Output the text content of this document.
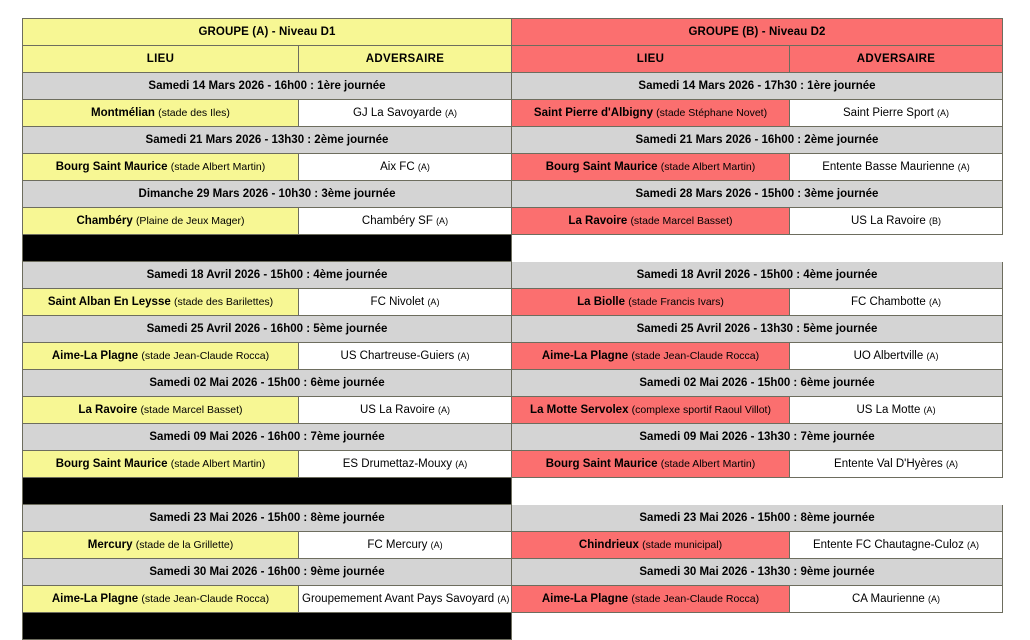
GROUPE (A) - Niveau D1		GROUPE (B) - Niveau D2	
LIEU	ADVERSAIRE	LIEU	ADVERSAIRE
Samedi 14 Mars 2026 - 16h00 : 1ère journée		Samedi 14 Mars 2026 - 17h30 : 1ère journée	
Montmélian (stade des Iles)	GJ La Savoyarde (A)	Saint Pierre d'Albigny (stade Stéphane Novet)	Saint Pierre Sport (A)
Samedi 21 Mars 2026 - 13h30 : 2ème journée		Samedi 21 Mars 2026 - 16h00 : 2ème journée	
Bourg Saint Maurice (stade Albert Martin)	Aix FC (A)	Bourg Saint Maurice (stade Albert Martin)	Entente Basse Maurienne (A)
Dimanche 29 Mars 2026 - 10h30 : 3ème journée		Samedi 28 Mars 2026 - 15h00 : 3ème journée	
Chambéry (Plaine de Jeux Mager)	Chambéry SF (A)	La Ravoire (stade Marcel Basset)	US La Ravoire (B)
Samedi 04 Avril 2026 - 15h00 : 1/4 de finale de la Coupe de Savoie			
Samedi 18 Avril 2026 - 15h00 : 4ème journée		Samedi 18 Avril 2026 - 15h00 : 4ème journée	
Saint Alban En Leysse (stade des Barilettes)	FC Nivolet (A)	La Biolle (stade Francis Ivars)	FC Chambotte (A)
Samedi 25 Avril 2026 - 16h00 : 5ème journée		Samedi 25 Avril 2026 - 13h30 : 5ème journée	
Aime-La Plagne (stade Jean-Claude Rocca)	US Chartreuse-Guiers (A)	Aime-La Plagne (stade Jean-Claude Rocca)	UO Albertville (A)
Samedi 02 Mai 2026 - 15h00 : 6ème journée		Samedi 02 Mai 2026 - 15h00 : 6ème journée	
La Ravoire (stade Marcel Basset)	US La Ravoire (A)	La Motte Servolex (complexe sportif Raoul Villot)	US La Motte (A)
Samedi 09 Mai 2026 - 16h00 : 7ème journée		Samedi 09 Mai 2026 - 13h30 : 7ème journée	
Bourg Saint Maurice (stade Albert Martin)	ES Drumettaz-Mouxy (A)	Bourg Saint Maurice (stade Albert Martin)	Entente Val D'Hyères (A)
Jeudi 14 Mai 2026 - 15h00 : 1/2 finale de la Coupe de Savoie			
Samedi 23 Mai 2026 - 15h00 : 8ème journée		Samedi 23 Mai 2026 - 15h00 : 8ème journée	
Mercury (stade de la Grillette)	FC Mercury (A)	Chindrieux (stade municipal)	Entente FC Chautagne-Culoz (A)
Samedi 30 Mai 2026 - 16h00 : 9ème journée		Samedi 30 Mai 2026 - 13h30 : 9ème journée	
Aime-La Plagne (stade Jean-Claude Rocca)	Groupemement Avant Pays Savoyard (A)	Aime-La Plagne (stade Jean-Claude Rocca)	CA Maurienne (A)
Samedi 13 Juin 2026 - 15h00 : Finale de la Coupe de Savoie			
